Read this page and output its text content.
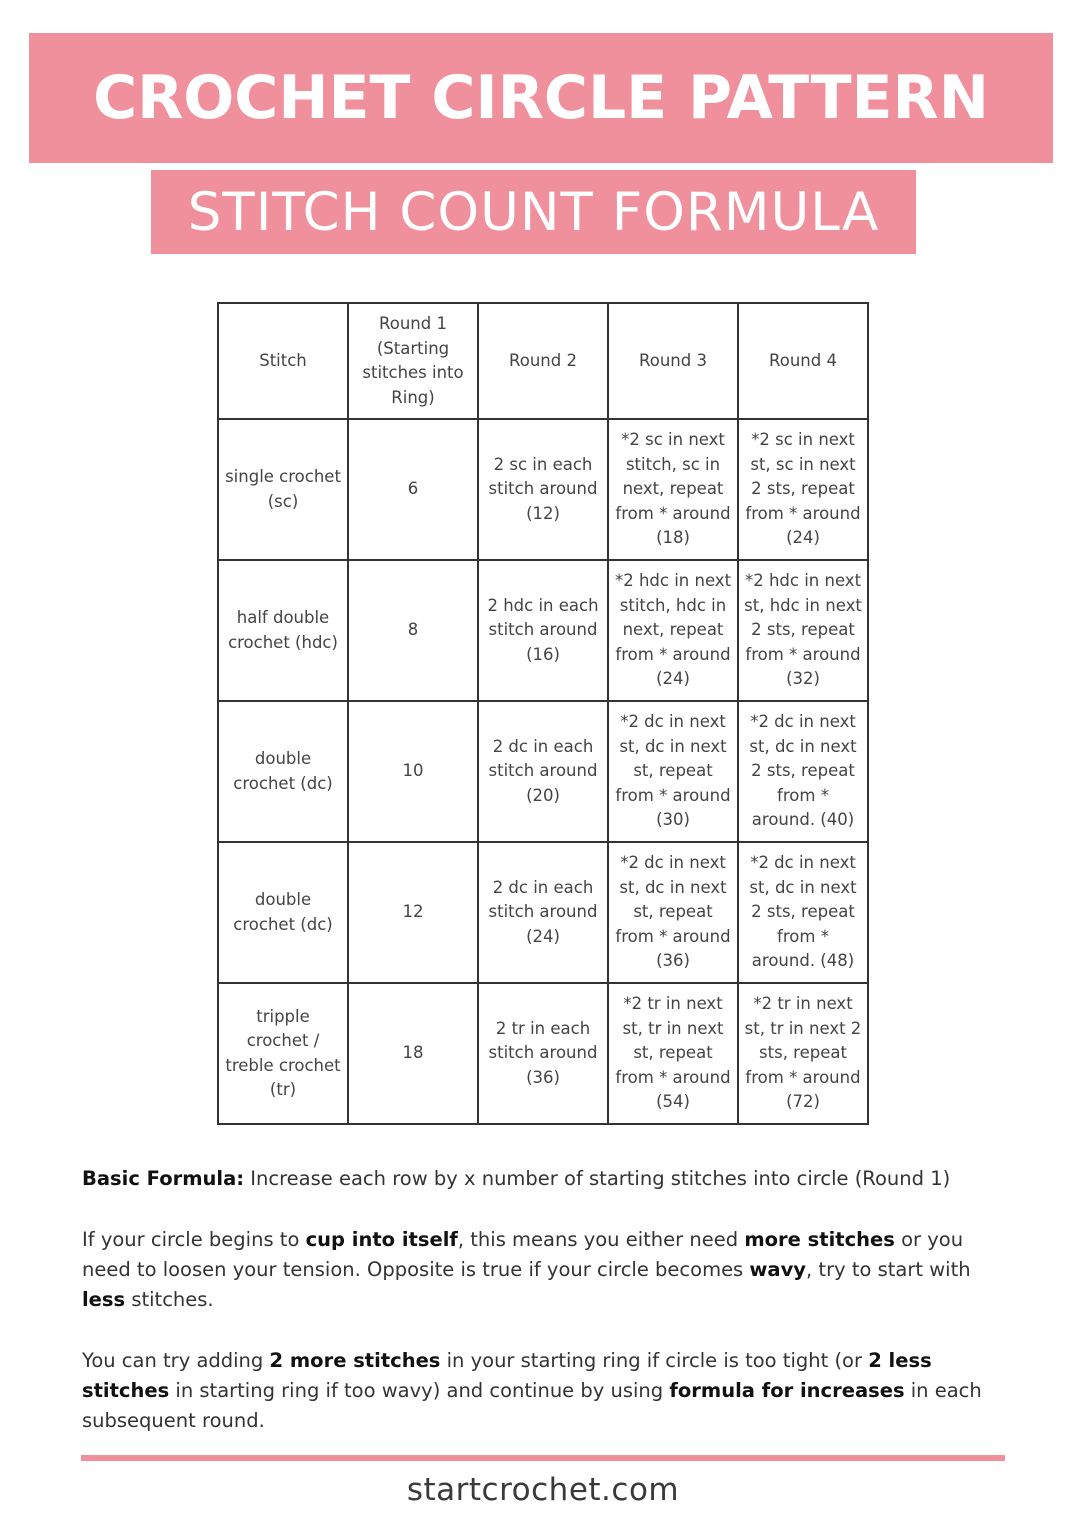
CROCHET CIRCLE PATTERN
STITCH COUNT FORMULA
Stitch	Round 1 (Starting stitches into Ring)	Round 2	Round 3	Round 4
single crochet (sc)	6	2 sc in each stitch around (12)	*2 sc in next stitch, sc in next, repeat from * around (18)	*2 sc in next st, sc in next 2 sts, repeat from * around (24)
half double crochet (hdc)	8	2 hdc in each stitch around (16)	*2 hdc in next stitch, hdc in next, repeat from * around (24)	*2 hdc in next st, hdc in next 2 sts, repeat from * around (32)
double crochet (dc)	10	2 dc in each stitch around (20)	*2 dc in next st, dc in next st, repeat from * around (30)	*2 dc in next st, dc in next 2 sts, repeat from * around. (40)
double crochet (dc)	12	2 dc in each stitch around (24)	*2 dc in next st, dc in next st, repeat from * around (36)	*2 dc in next st, dc in next 2 sts, repeat from * around. (48)
tripple crochet / treble crochet (tr)	18	2 tr in each stitch around (36)	*2 tr in next st, tr in next st, repeat from * around (54)	*2 tr in next st, tr in next 2 sts, repeat from * around (72)

Basic Formula: Increase each row by x number of starting stitches into circle (Round 1)

If your circle begins to cup into itself, this means you either need more stitches or you need to loosen your tension. Opposite is true if your circle becomes wavy, try to start with less stitches.

You can try adding 2 more stitches in your starting ring if circle is too tight (or 2 less stitches in starting ring if too wavy) and continue by using formula for increases in each subsequent round.

startcrochet.com
